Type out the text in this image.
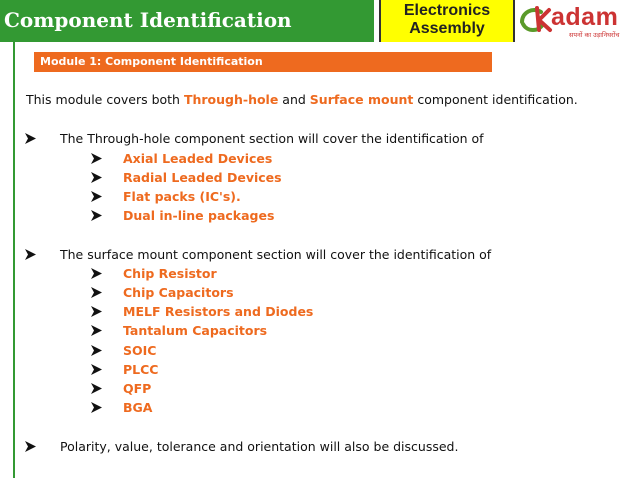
Component Identification	Electronics
Assembly	adam
सपनों का उड़ानिघरोंच
Module 1: Component Identification
This module covers both Through-hole and Surface mount component identification.
The Through-hole component section will cover the identification of
Axial Leaded Devices
Radial Leaded Devices
Flat packs (IC's).
Dual in-line packages
The surface mount component section will cover the identification of
Chip Resistor
Chip Capacitors
MELF Resistors and Diodes
Tantalum Capacitors
SOIC
PLCC
QFP
BGA
Polarity, value, tolerance and orientation will also be discussed.
